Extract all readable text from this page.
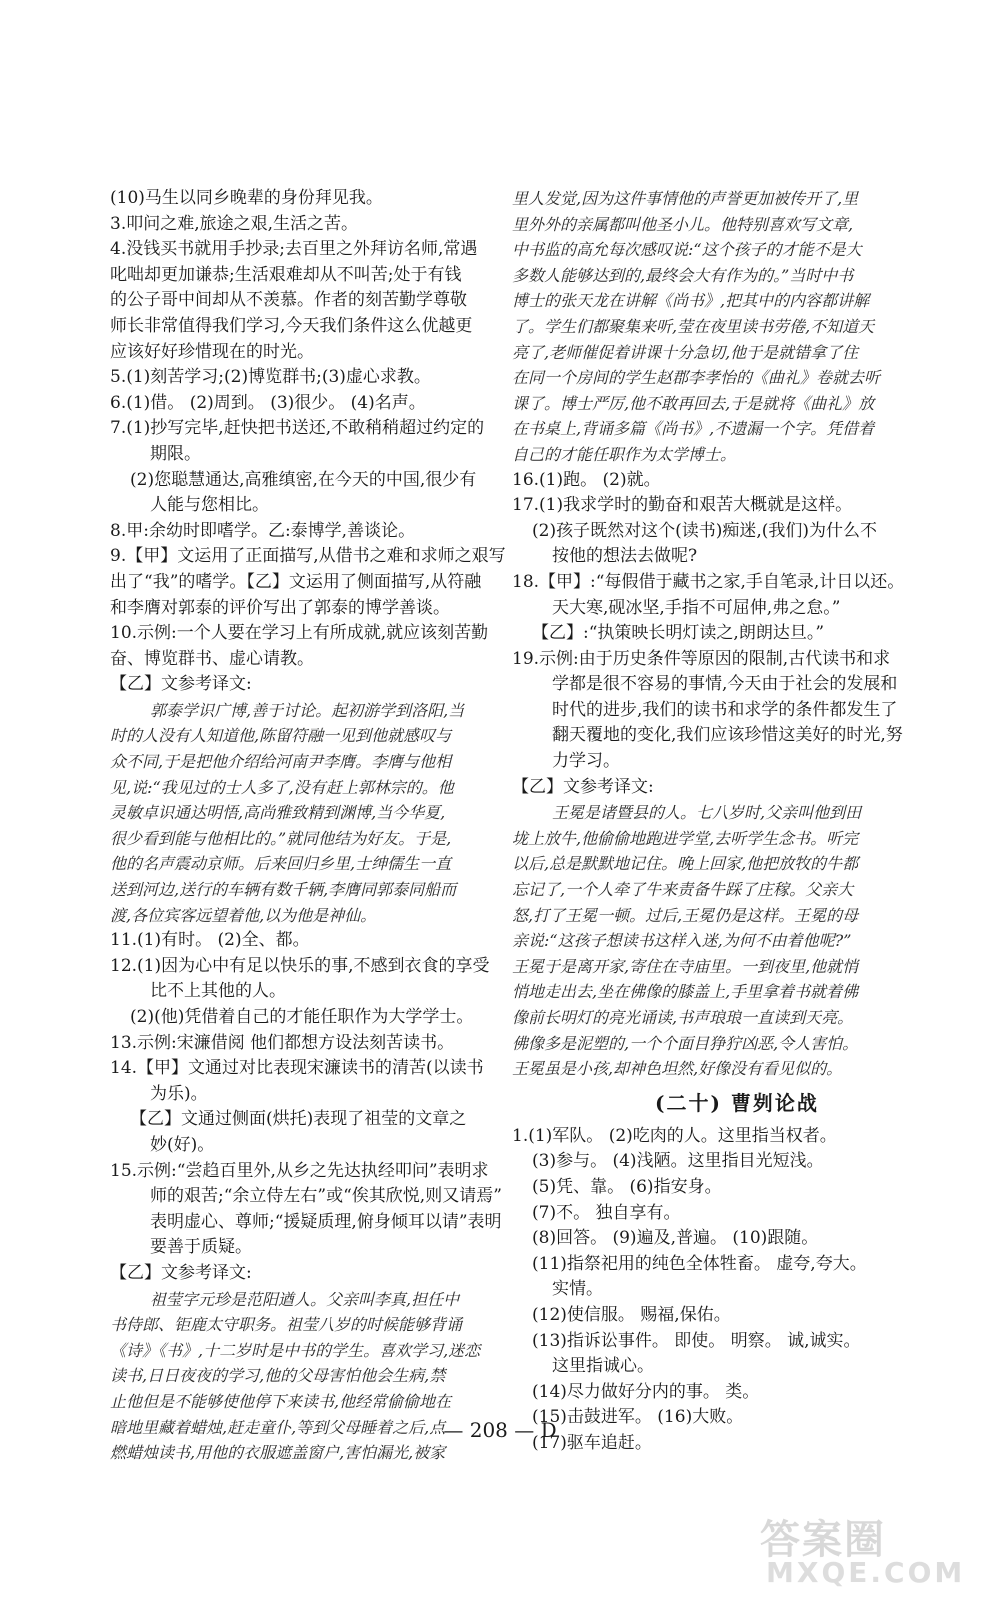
(10)马生以同乡晚辈的身份拜见我。
3.叩问之难,旅途之艰,生活之苦。
4.没钱买书就用手抄录;去百里之外拜访名师,常遇
叱咄却更加谦恭;生活艰难却从不叫苦;处于有钱
的公子哥中间却从不羡慕。作者的刻苦勤学尊敬
师长非常值得我们学习,今天我们条件这么优越更
应该好好珍惜现在的时光。
5.(1)刻苦学习;(2)博览群书;(3)虚心求教。
6.(1)借。 (2)周到。 (3)很少。 (4)名声。
7.(1)抄写完毕,赶快把书送还,不敢稍稍超过约定的
期限。
(2)您聪慧通达,高雅缜密,在今天的中国,很少有
人能与您相比。
8.甲:余幼时即嗜学。乙:泰博学,善谈论。
9.【甲】文运用了正面描写,从借书之难和求师之艰写
出了“我”的嗜学。【乙】文运用了侧面描写,从符融
和李膺对郭泰的评价写出了郭泰的博学善谈。
10.示例:一个人要在学习上有所成就,就应该刻苦勤
奋、博览群书、虚心请教。
【乙】文参考译文:
郭泰学识广博,善于讨论。起初游学到洛阳,当
时的人没有人知道他,陈留符融一见到他就感叹与
众不同,于是把他介绍给河南尹李膺。李膺与他相
见,说:“我见过的士人多了,没有赶上郭林宗的。他
灵敏卓识通达明悟,高尚雅致精到渊博,当今华夏,
很少看到能与他相比的。”就同他结为好友。于是,
他的名声震动京师。后来回归乡里,士绅儒生一直
送到河边,送行的车辆有数千辆,李膺同郭泰同船而
渡,各位宾客远望着他,以为他是神仙。
11.(1)有时。 (2)全、都。
12.(1)因为心中有足以快乐的事,不感到衣食的享受
比不上其他的人。
(2)(他)凭借着自己的才能任职作为大学学士。
13.示例:宋濂借阅 他们都想方设法刻苦读书。
14.【甲】文通过对比表现宋濂读书的清苦(以读书
为乐)。
【乙】文通过侧面(烘托)表现了祖莹的文章之
妙(好)。
15.示例:“尝趋百里外,从乡之先达执经叩问”表明求
师的艰苦;“余立侍左右”或“俟其欣悦,则又请焉”
表明虚心、尊师;“援疑质理,俯身倾耳以请”表明
要善于质疑。
【乙】文参考译文:
祖莹字元珍是范阳遒人。父亲叫李真,担任中
书侍郎、钜鹿太守职务。祖莹八岁的时候能够背诵
《诗》《书》,十二岁时是中书的学生。喜欢学习,迷恋
读书,日日夜夜的学习,他的父母害怕他会生病,禁
止他但是不能够使他停下来读书,他经常偷偷地在
暗地里藏着蜡烛,赶走童仆,等到父母睡着之后,点
燃蜡烛读书,用他的衣服遮盖窗户,害怕漏光,被家
里人发觉,因为这件事情他的声誉更加被传开了,里
里外外的亲属都叫他圣小儿。他特别喜欢写文章,
中书监的高允每次感叹说:“这个孩子的才能不是大
多数人能够达到的,最终会大有作为的。”当时中书
博士的张天龙在讲解《尚书》,把其中的内容都讲解
了。学生们都聚集来听,莹在夜里读书劳倦,不知道天
亮了,老师催促着讲课十分急切,他于是就错拿了住
在同一个房间的学生赵郡李孝怡的《曲礼》卷就去听
课了。博士严厉,他不敢再回去,于是就将《曲礼》放
在书桌上,背诵多篇《尚书》,不遗漏一个字。凭借着
自己的才能任职作为太学博士。
16.(1)跑。 (2)就。
17.(1)我求学时的勤奋和艰苦大概就是这样。
(2)孩子既然对这个(读书)痴迷,(我们)为什么不
按他的想法去做呢?
18.【甲】:“每假借于藏书之家,手自笔录,计日以还。
天大寒,砚冰坚,手指不可屈伸,弗之怠。”
【乙】:“执策映长明灯读之,朗朗达旦。”
19.示例:由于历史条件等原因的限制,古代读书和求
学都是很不容易的事情,今天由于社会的发展和
时代的进步,我们的读书和求学的条件都发生了
翻天覆地的变化,我们应该珍惜这美好的时光,努
力学习。
【乙】文参考译文:
王冕是诸暨县的人。七八岁时,父亲叫他到田
垅上放牛,他偷偷地跑进学堂,去听学生念书。听完
以后,总是默默地记住。晚上回家,他把放牧的牛都
忘记了,一个人牵了牛来责备牛踩了庄稼。父亲大
怒,打了王冕一顿。过后,王冕仍是这样。王冕的母
亲说:“这孩子想读书这样入迷,为何不由着他呢?”
王冕于是离开家,寄住在寺庙里。一到夜里,他就悄
悄地走出去,坐在佛像的膝盖上,手里拿着书就着佛
像前长明灯的亮光诵读,书声琅琅一直读到天亮。
佛像多是泥塑的,一个个面目狰狞凶恶,令人害怕。
王冕虽是小孩,却神色坦然,好像没有看见似的。
(二十) 曹刿论战
1.(1)军队。 (2)吃肉的人。这里指当权者。
(3)参与。 (4)浅陋。这里指目光短浅。
(5)凭、靠。 (6)指安身。
(7)不。 独自享有。
(8)回答。 (9)遍及,普遍。 (10)跟随。
(11)指祭祀用的纯色全体牲畜。 虚夸,夸大。
实情。
(12)使信服。 赐福,保佑。
(13)指诉讼事件。 即使。 明察。 诚,诚实。
这里指诚心。
(14)尽力做好分内的事。 类。
(15)击鼓进军。 (16)大败。
(17)驱车追赶。
— 208 — D
答案圈
MXQE.COM
